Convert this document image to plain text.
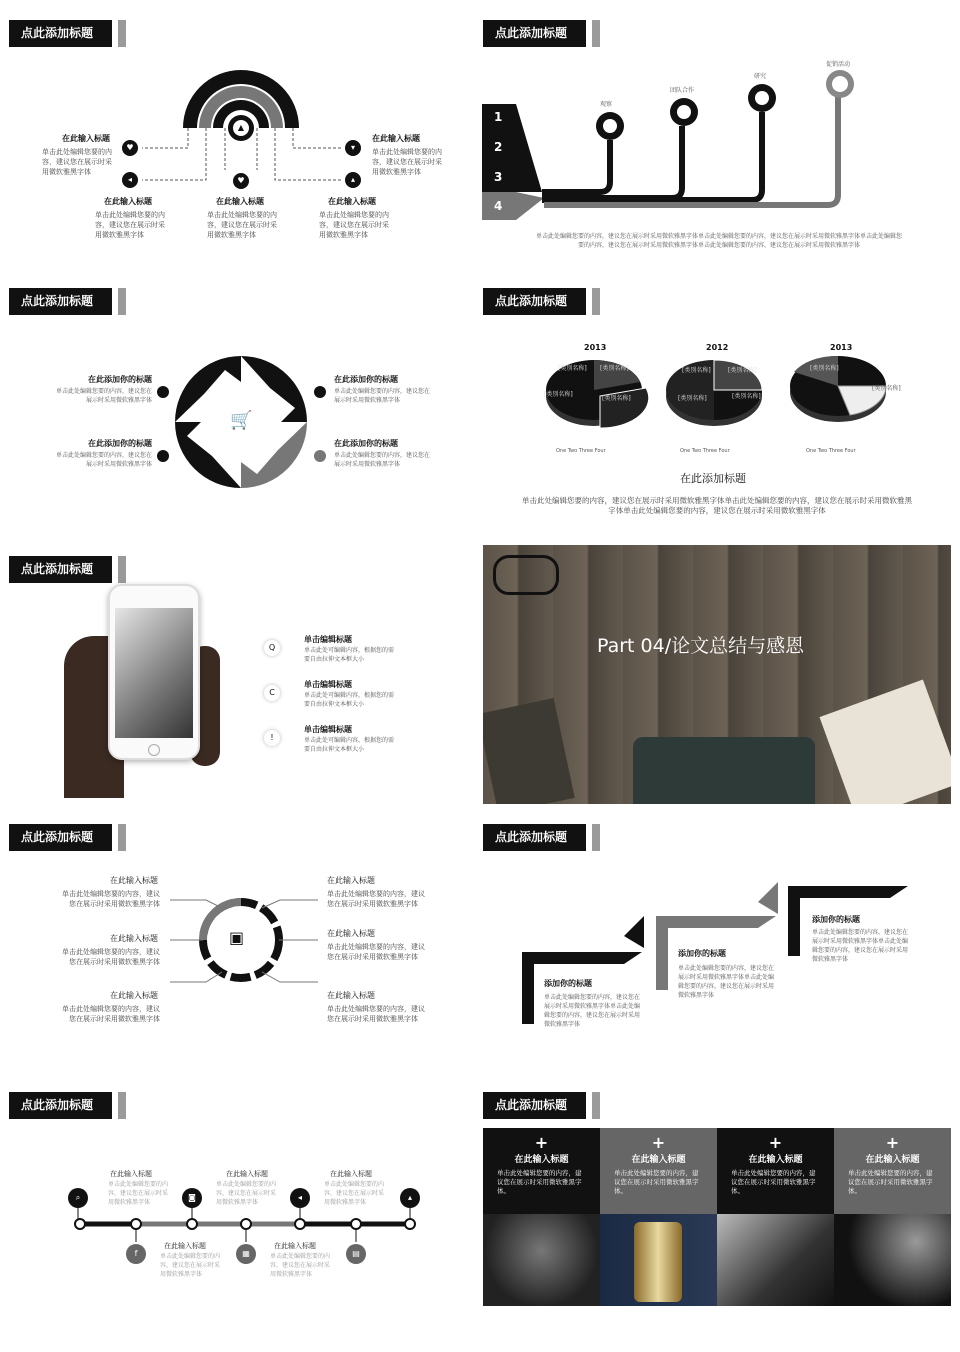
点此添加标题
♥
◂	♥
▾
▴
▲
在此输入标题
单击此处编辑您要的内容，建议您在展示时采用微软雅黑字体
在此输入标题
单击此处编辑您要的内容，建议您在展示时采用微软雅黑字体
在此输入标题
单击此处编辑您要的内容，建议您在展示时采用微软雅黑字体
在此输入标题
单击此处编辑您要的内容，建议您在展示时采用微软雅黑字体
在此输入标题
单击此处编辑您要的内容，建议您在展示时采用微软雅黑字体
点此添加标题
1
2
3
4
观察
团队合作
研究
促销活动
单击此处编辑您要的内容，建议您在展示时采用微软雅黑字体单击此处编辑您要的内容，建议您在展示时采用微软雅黑字体单击此处编辑您要的内容，建议您在展示时采用微软雅黑字体单击此处编辑您要的内容，建议您在展示时采用微软雅黑字体
点此添加标题
🛒
在此添加你的标题
单击此处编辑您要的内容，建议您在展示时采用微软雅黑字体
在此添加你的标题
单击此处编辑您要的内容，建议您在展示时采用微软雅黑字体
在此添加你的标题
单击此处编辑您要的内容，建议您在展示时采用微软雅黑字体
在此添加你的标题
单击此处编辑您要的内容，建议您在展示时采用微软雅黑字体
点此添加标题
2013	2012	2013
[类别名称]
[类别名称]
[类别名称]
[类别名称]
[类别名称]	[类别名称]
[类别名称]	[类别名称]
[类别名称]
[类别名称]
One Two Three Four	One Two Three Four	One Two Three Four
在此添加标题
单击此处编辑您要的内容，建议您在展示时采用微软雅黑字体单击此处编辑您要的内容，建议您在展示时采用微软雅黑字体单击此处编辑您要的内容，建议您在展示时采用微软雅黑字体
点此添加标题
Q
C
!
单击编辑标题
单击此处可编辑内容，根据您的需要自由拉伸文本框大小
单击编辑标题
单击此处可编辑内容，根据您的需要自由拉伸文本框大小
单击编辑标题
单击此处可编辑内容，根据您的需要自由拉伸文本框大小
Part 04/论文总结与感恩
点此添加标题
▣
在此输入标题
单击此处编辑您要的内容，建议您在展示时采用微软雅黑字体
在此输入标题
单击此处编辑您要的内容，建议您在展示时采用微软雅黑字体
在此输入标题
单击此处编辑您要的内容，建议您在展示时采用微软雅黑字体
在此输入标题
单击此处编辑您要的内容，建议您在展示时采用微软雅黑字体
在此输入标题
单击此处编辑您要的内容，建议您在展示时采用微软雅黑字体
在此输入标题
单击此处编辑您要的内容，建议您在展示时采用微软雅黑字体
点此添加标题
添加你的标题
单击此处编辑您要的内容，建议您在展示时采用微软雅黑字体单击此处编辑您要的内容，建议您在展示时采用微软雅黑字体
添加你的标题
单击此处编辑您要的内容，建议您在展示时采用微软雅黑字体单击此处编辑您要的内容，建议您在展示时采用微软雅黑字体
添加你的标题
单击此处编辑您要的内容，建议您在展示时采用微软雅黑字体单击此处编辑您要的内容，建议您在展示时采用微软雅黑字体
点此添加标题
⌕	◙	◂	▴
f	▦	▤
在此输入标题
单击此处编辑您要的内容，建议您在展示时采用微软雅黑字体
在此输入标题
单击此处编辑您要的内容，建议您在展示时采用微软雅黑字体
在此输入标题
单击此处编辑您要的内容，建议您在展示时采用微软雅黑字体
在此输入标题
单击此处编辑您要的内容，建议您在展示时采用微软雅黑字体
在此输入标题
单击此处编辑您要的内容，建议您在展示时采用微软雅黑字体
点此添加标题
+
在此输入标题
单击此处编辑您要的内容，建议您在展示时采用微软雅黑字体。
+
在此输入标题
单击此处编辑您要的内容，建议您在展示时采用微软雅黑字体。
+
在此输入标题
单击此处编辑您要的内容，建议您在展示时采用微软雅黑字体。
+
在此输入标题
单击此处编辑您要的内容，建议您在展示时采用微软雅黑字体。
